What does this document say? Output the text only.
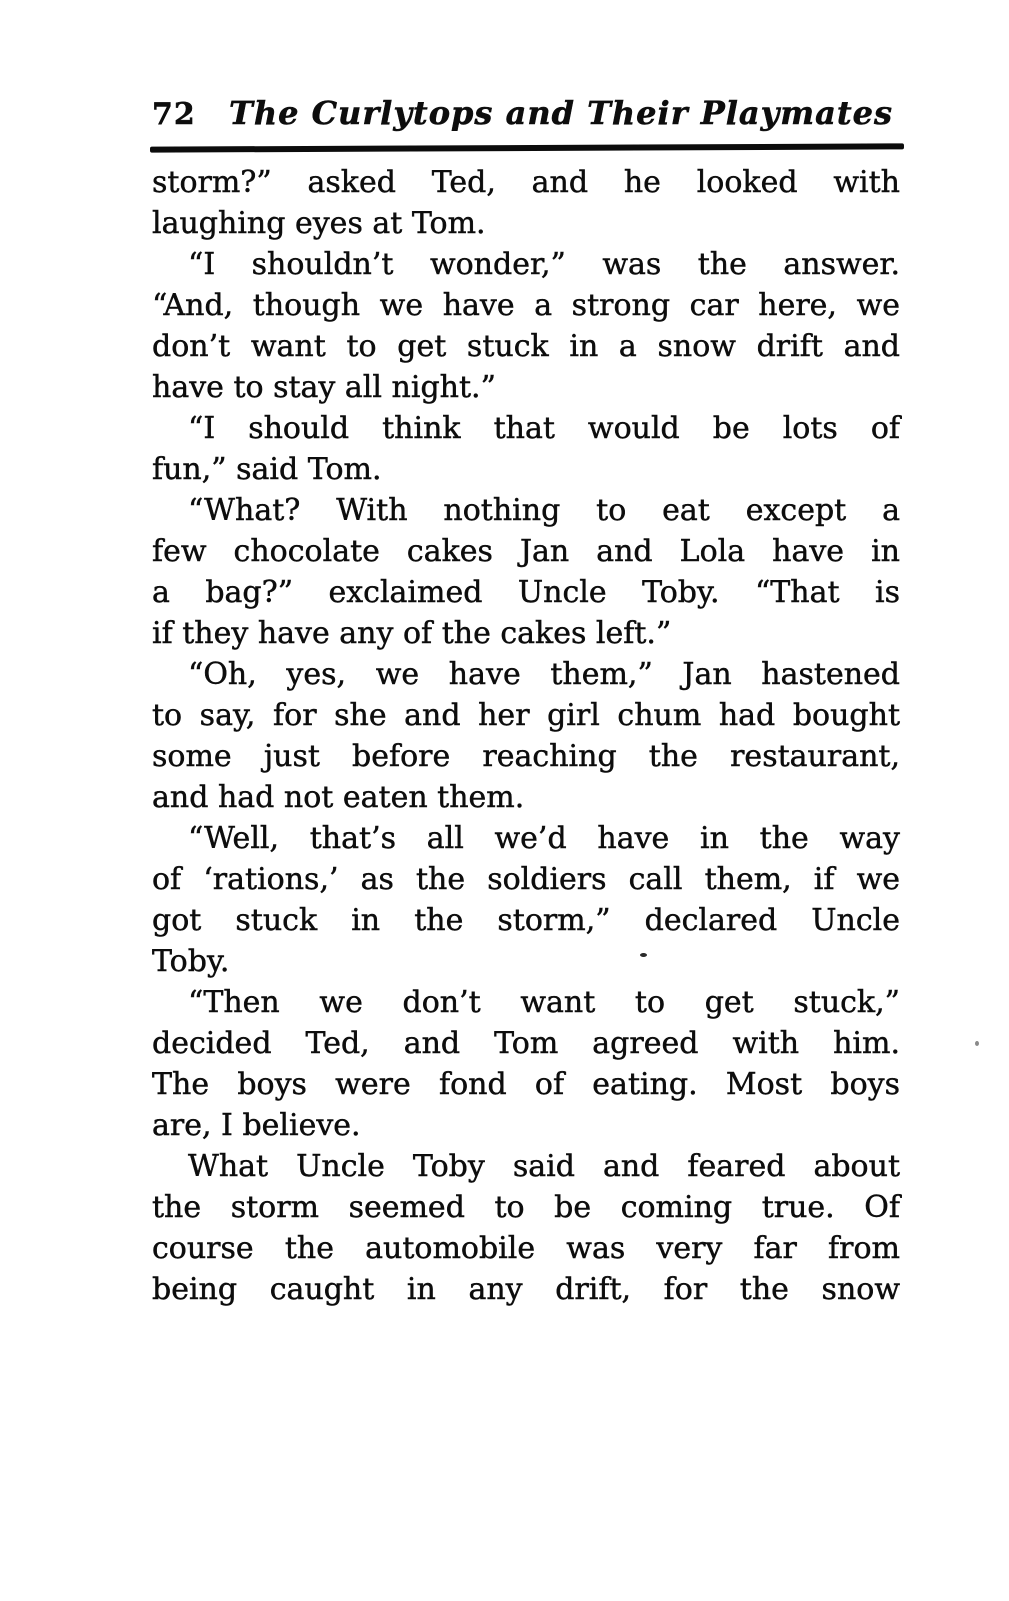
72	The Curlytops and Their Playmates
storm?” asked Ted, and he looked with
laughing eyes at Tom.
“I shouldn’t wonder,” was the answer.
“And, though we have a strong car here, we
don’t want to get stuck in a snow drift and
have to stay all night.”
“I should think that would be lots of
fun,” said Tom.
“What? With nothing to eat except a
few chocolate cakes Jan and Lola have in
a bag?” exclaimed Uncle Toby. “That is
if they have any of the cakes left.”
“Oh, yes, we have them,” Jan hastened
to say, for she and her girl chum had bought
some just before reaching the restaurant,
and had not eaten them.
“Well, that’s all we’d have in the way
of ‘rations,’ as the soldiers call them, if we
got stuck in the storm,” declared Uncle
Toby.
“Then we don’t want to get stuck,”
decided Ted, and Tom agreed with him.
The boys were fond of eating. Most boys
are, I believe.
What Uncle Toby said and feared about
the storm seemed to be coming true. Of
course the automobile was very far from
being caught in any drift, for the snow
